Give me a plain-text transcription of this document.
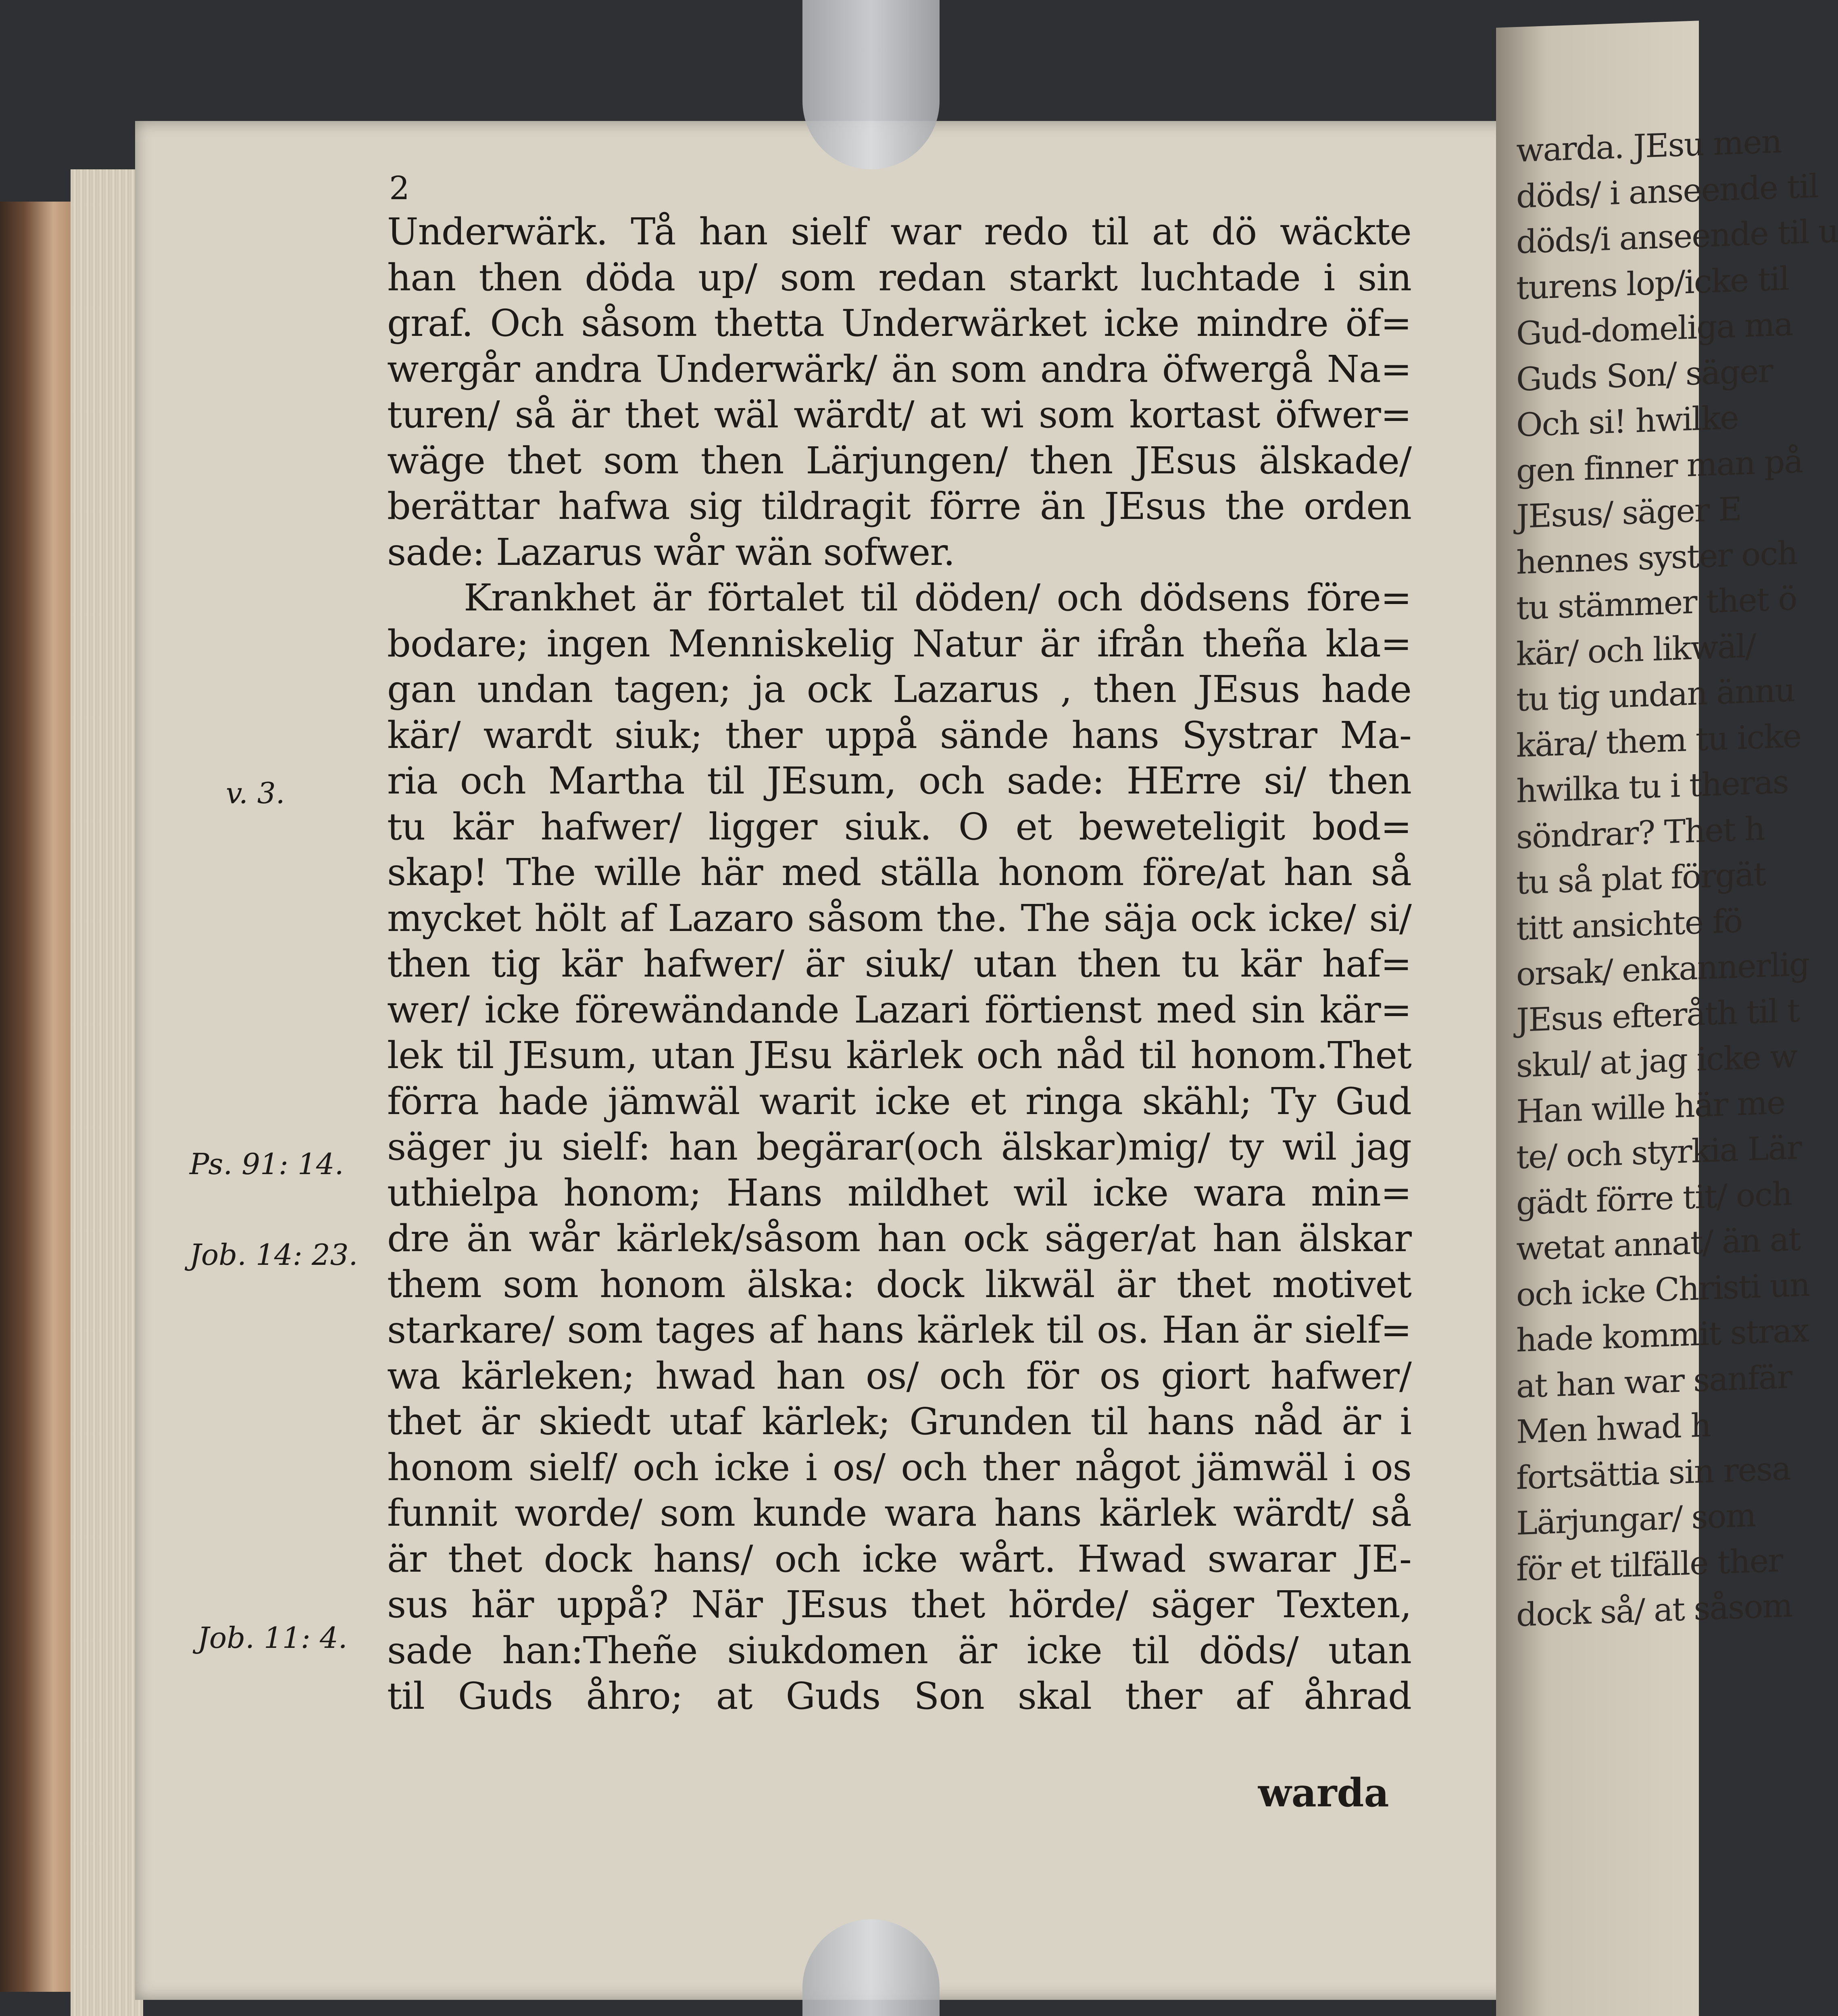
warda. JEsu men
döds/ i anseende til
döds/i anseende til u
turens lop/icke til
Gud-domeliga ma
Guds Son/ säger
Och si! hwilke
gen finner man på
JEsus/ säger E
hennes syster och
tu stämmer thet ö
kär/ och likwäl/
tu tig undan ännu
kära/ them tu icke
hwilka tu i theras
söndrar? Thet h
tu så plat förgät
titt ansichte fö
orsak/ enkannerlig
JEsus efteråth til t
skul/ at jag icke w
Han wille här me
te/ och styrkia Lär
gädt förre tit/ och
wetat annat/ än at
och icke Christi un
hade kommit strax
at han war sanfär
Men hwad h
fortsättia sin resa
Lärjungar/ som
för et tilfälle ther
dock så/ at såsom
2
Underwärk. Tå han sielf war redo til at dö wäckte
han then döda up/ som redan starkt luchtade i sin
graf. Och såsom thetta Underwärket icke mindre öf=
wergår andra Underwärk/ än som andra öfwergå Na=
turen/ så är thet wäl wärdt/ at wi som kortast öfwer=
wäge thet som then Lärjungen/ then JEsus älskade/
berättar hafwa sig tildragit förre än JEsus the orden
sade: Lazarus wår wän sofwer.
Krankhet är förtalet til döden/ och dödsens före=
bodare; ingen Menniskelig Natur är ifrån theña kla=
gan undan tagen; ja ock Lazarus , then JEsus hade
kär/ wardt siuk; ther uppå sände hans Systrar Ma-
ria och Martha til JEsum, och sade: HErre si/ then
tu kär hafwer/ ligger siuk. O et beweteligit bod=
skap! The wille här med ställa honom före/at han så
mycket hölt af Lazaro såsom the. The säja ock icke/ si/
then tig kär hafwer/ är siuk/ utan then tu kär haf=
wer/ icke förewändande Lazari förtienst med sin kär=
lek til JEsum, utan JEsu kärlek och nåd til honom.Thet
förra hade jämwäl warit icke et ringa skähl; Ty Gud
säger ju sielf: han begärar(och älskar)mig/ ty wil jag
uthielpa honom; Hans mildhet wil icke wara min=
dre än wår kärlek/såsom han ock säger/at han älskar
them som honom älska: dock likwäl är thet motivet
starkare/ som tages af hans kärlek til os. Han är sielf=
wa kärleken; hwad han os/ och för os giort hafwer/
thet är skiedt utaf kärlek; Grunden til hans nåd är i
honom sielf/ och icke i os/ och ther något jämwäl i os
funnit worde/ som kunde wara hans kärlek wärdt/ så
är thet dock hans/ och icke wårt. Hwad swarar JE-
sus här uppå? När JEsus thet hörde/ säger Texten,
sade han:Theñe siukdomen är icke til döds/ utan
til Guds åhro; at Guds Son skal ther af åhrad
v. 3.
Ps. 91: 14.
Job. 14: 23.
Job. 11: 4.
warda
